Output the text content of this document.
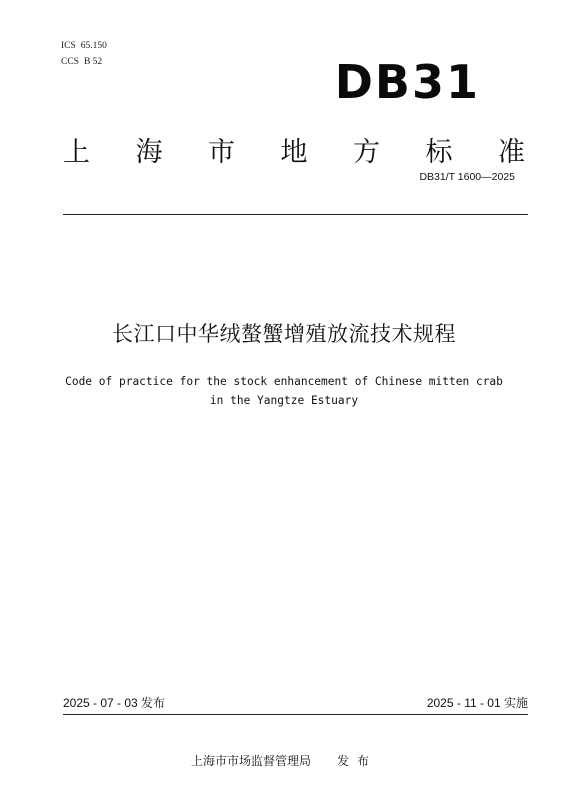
ICS 65.150
CCS B 52	DB31
上 海 市 地 方 标 准
DB31/T 1600—2025
长江口中华绒螯蟹增殖放流技术规程
Code of practice for the stock enhancement of Chinese mitten crab
in the Yangtze Estuary
2025 - 07 - 03 发布	2025 - 11 - 01 实施
上海市市场监督管理局 发布
